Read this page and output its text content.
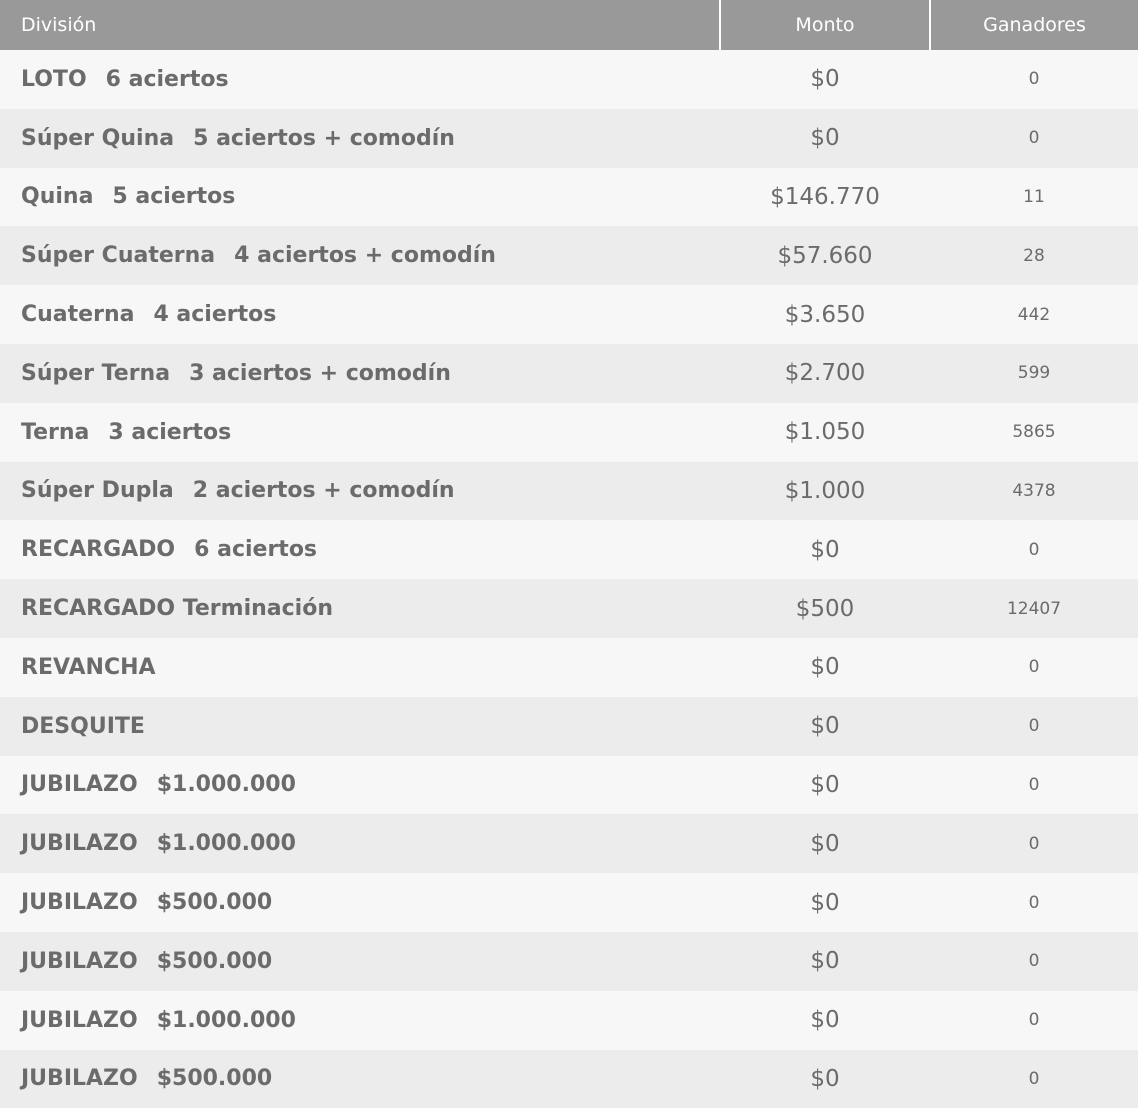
División	Monto	Ganadores
LOTO 6 aciertos	$0	0
Súper Quina 5 aciertos + comodín	$0	0
Quina 5 aciertos	$146.770	11
Súper Cuaterna 4 aciertos + comodín	$57.660	28
Cuaterna 4 aciertos	$3.650	442
Súper Terna 3 aciertos + comodín	$2.700	599
Terna 3 aciertos	$1.050	5865
Súper Dupla 2 aciertos + comodín	$1.000	4378
RECARGADO 6 aciertos	$0	0
RECARGADO Terminación	$500	12407
REVANCHA	$0	0
DESQUITE	$0	0
JUBILAZO $1.000.000	$0	0
JUBILAZO $1.000.000	$0	0
JUBILAZO $500.000	$0	0
JUBILAZO $500.000	$0	0
JUBILAZO $1.000.000	$0	0
JUBILAZO $500.000	$0	0
